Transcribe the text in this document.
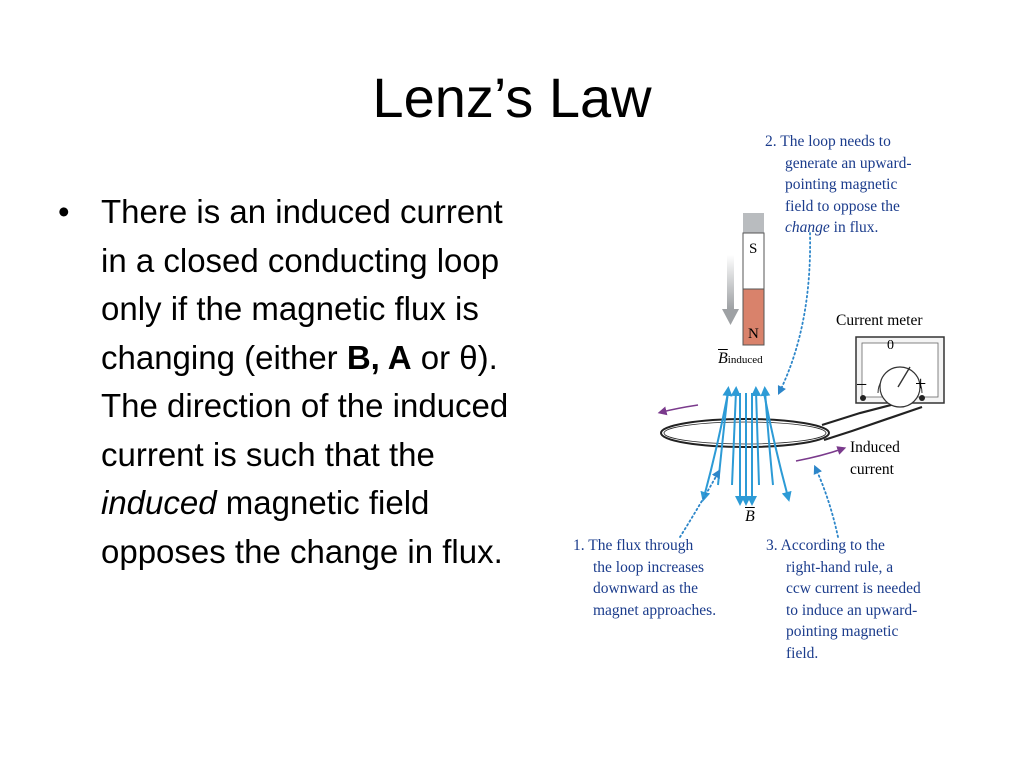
Lenz’s Law
• There is an induced current in a closed conducting loop only if the magnetic flux is changing (either B, A or θ). The direction of the induced current is such that the induced magnetic field opposes the change in flux.
2. The loop needs to
generate an upward-
pointing magnetic
field to oppose the
change in flux.
S
N
Current meter
0
− +
$\overline{B}induced$
$\overline{B}$
Induced
current
1. The flux through
the loop increases
downward as the
magnet approaches.
3. According to the
right-hand rule, a
ccw current is needed
to induce an upward-
pointing magnetic
field.
